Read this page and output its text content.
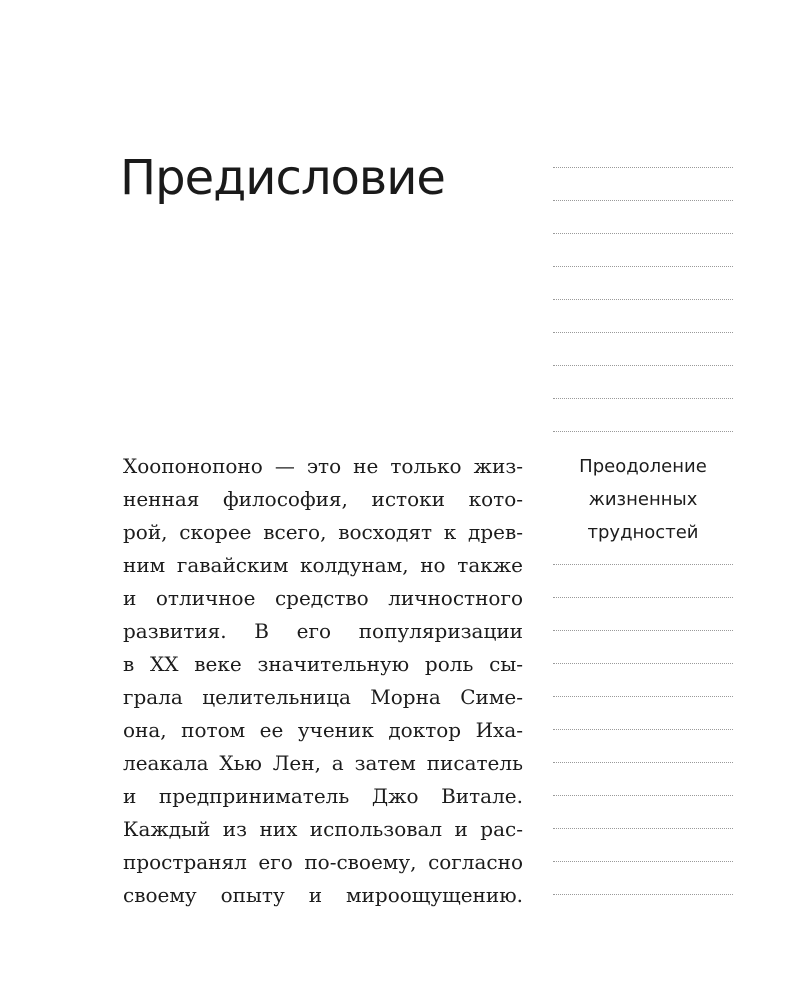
Предисловие
Хоопонопоно — это не только жиз-
ненная философия, истоки кото-
рой, скорее всего, восходят к древ-
ним гавайским колдунам, но также
и отличное средство личностного
развития. В его популяризации
в XX веке значительную роль сы-
грала целительница Морна Симе-
она, потом ее ученик доктор Иха-
леакала Хью Лен, а затем писатель
и предприниматель Джо Витале.
Каждый из них использовал и рас-
пространял его по-своему, согласно
своему опыту и мироощущению.
Преодоление
жизненных
трудностей
